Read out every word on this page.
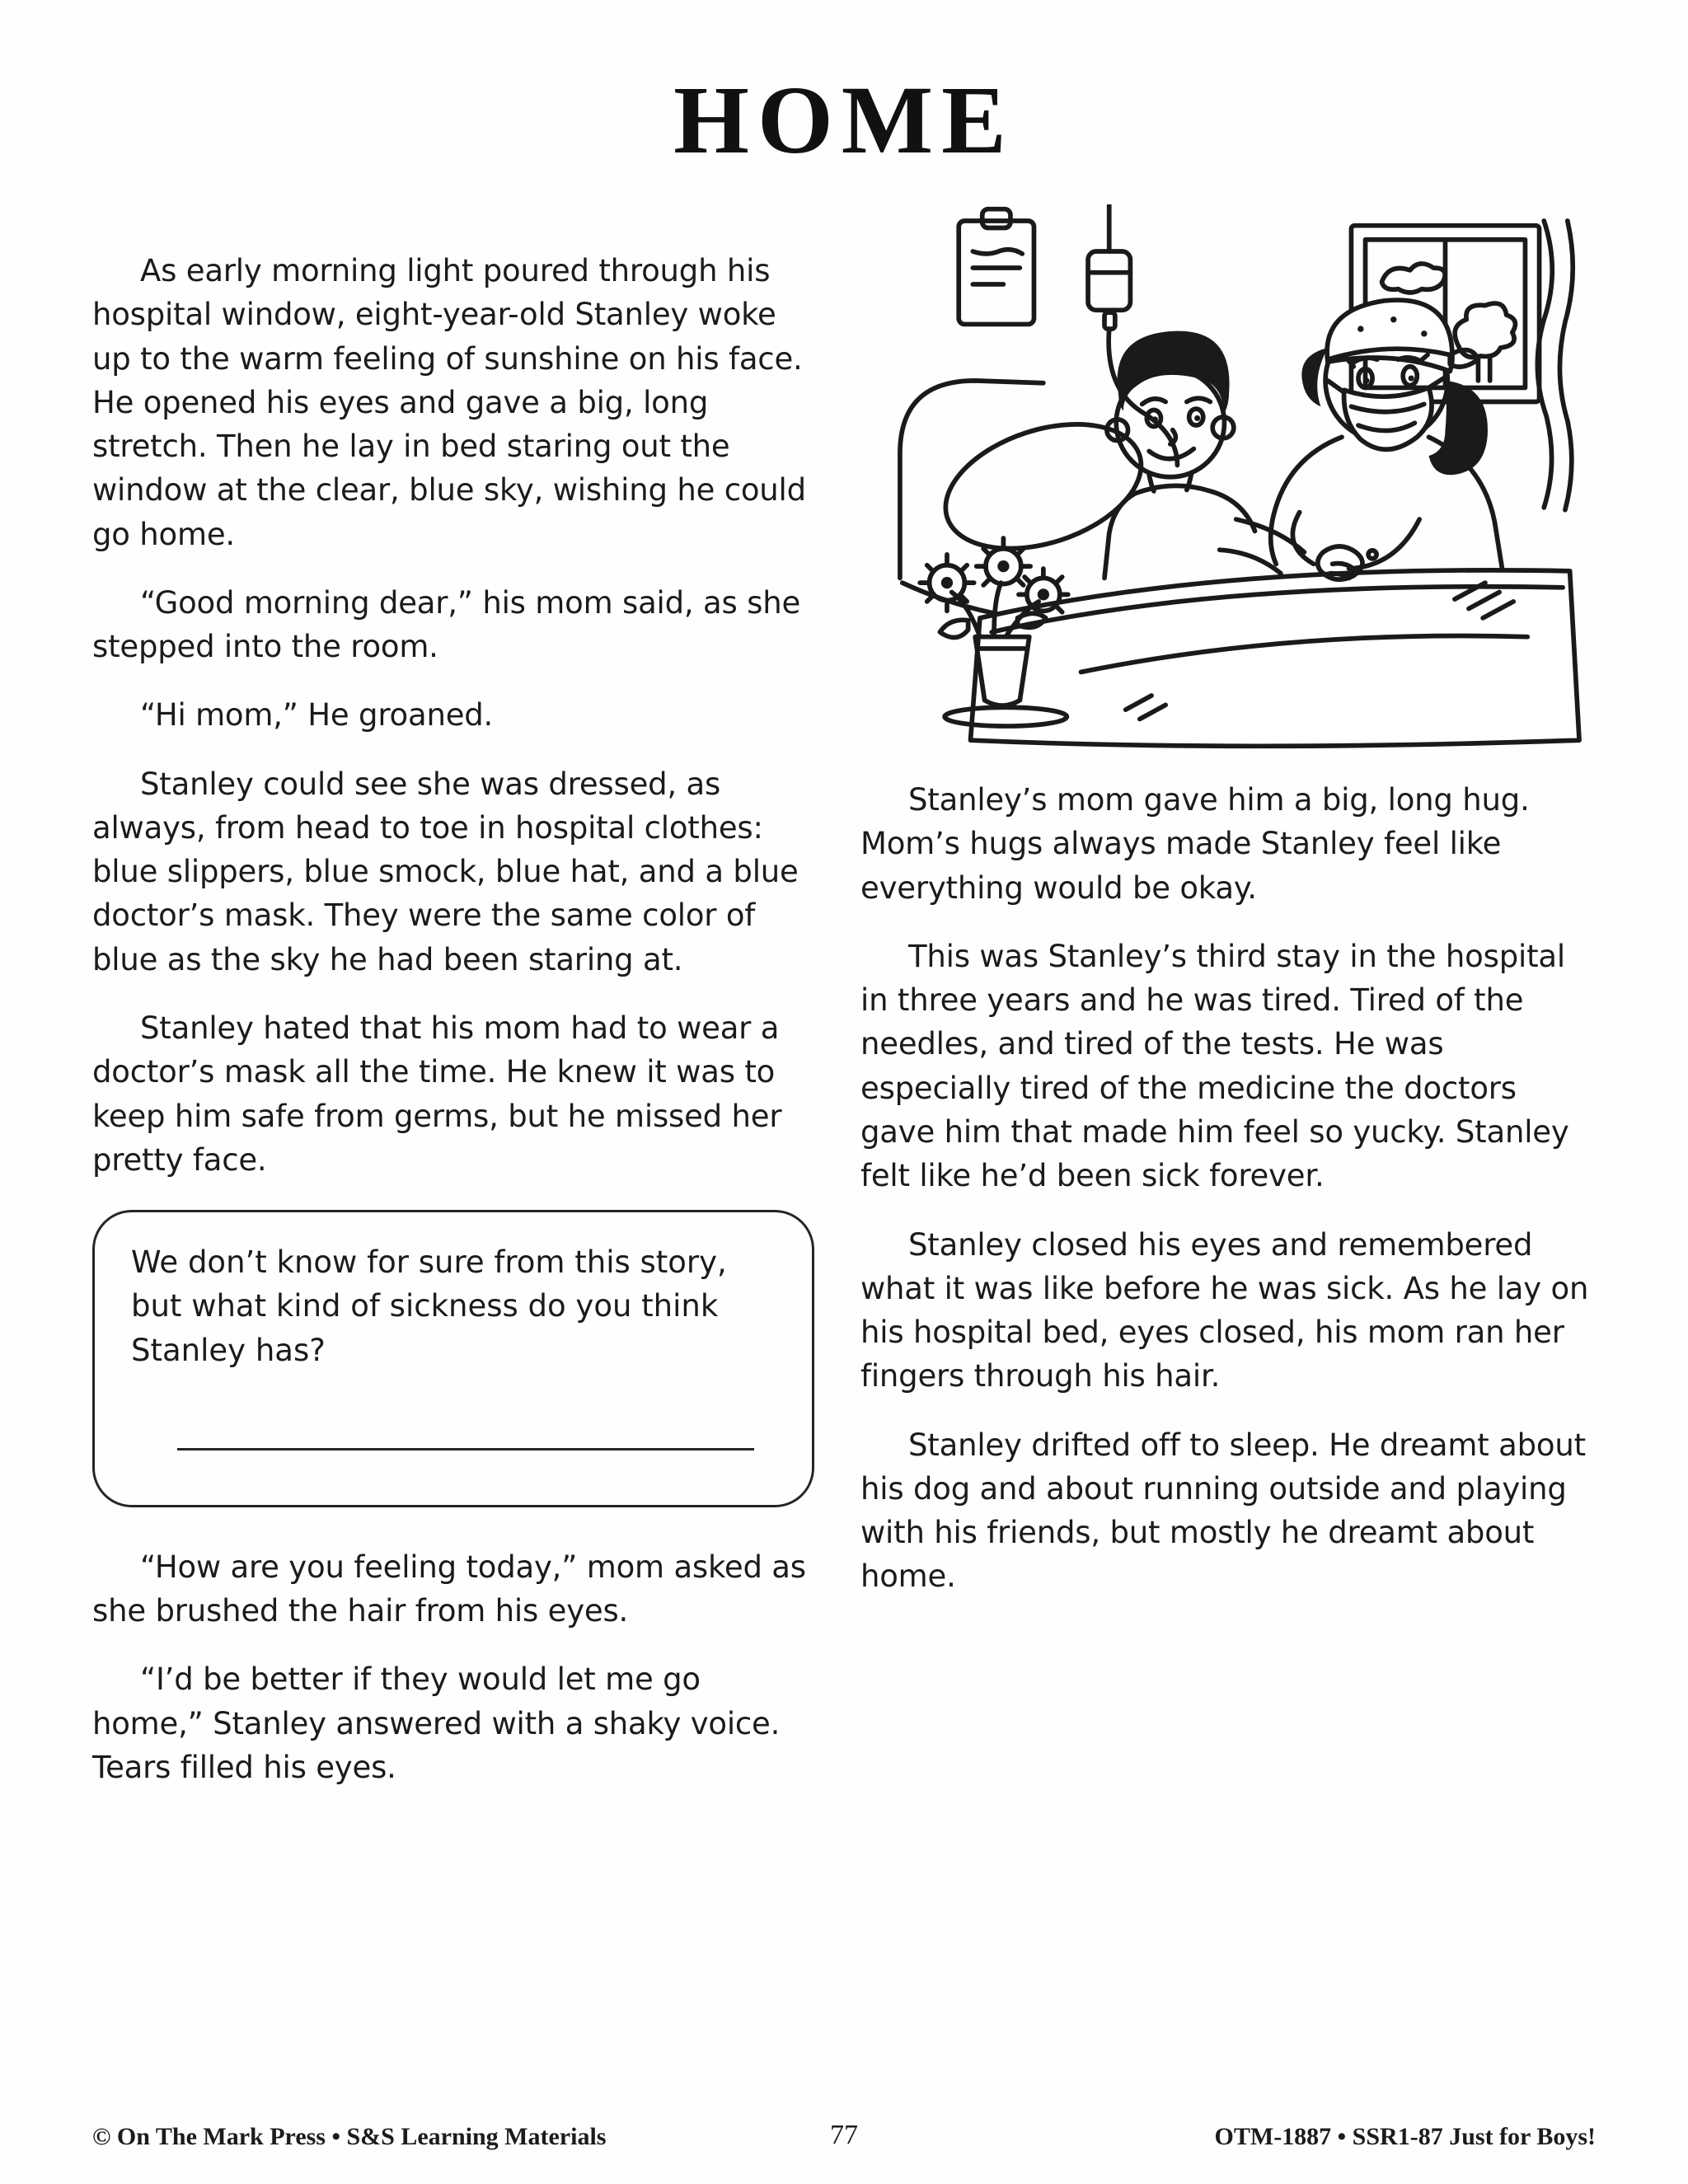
HOME

As early morning light poured through his hospital window, eight-year-old Stanley woke up to the warm feeling of sunshine on his face. He opened his eyes and gave a big, long stretch. Then he lay in bed staring out the window at the clear, blue sky, wishing he could go home.

“Good morning dear,” his mom said, as she stepped into the room.

“Hi mom,” He groaned.

Stanley could see she was dressed, as always, from head to toe in hospital clothes: blue slippers, blue smock, blue hat, and a blue doctor’s mask. They were the same color of blue as the sky he had been staring at.

Stanley hated that his mom had to wear a doctor’s mask all the time. He knew it was to keep him safe from germs, but he missed her pretty face.

We don’t know for sure from this story, but what kind of sickness do you think Stanley has?

“How are you feeling today,” mom asked as she brushed the hair from his eyes.

“I’d be better if they would let me go home,” Stanley answered with a shaky voice. Tears filled his eyes.

Stanley’s mom gave him a big, long hug. Mom’s hugs always made Stanley feel like everything would be okay.

This was Stanley’s third stay in the hospital in three years and he was tired. Tired of the needles, and tired of the tests. He was especially tired of the medicine the doctors gave him that made him feel so yucky. Stanley felt like he’d been sick forever.

Stanley closed his eyes and remembered what it was like before he was sick. As he lay on his hospital bed, eyes closed, his mom ran her fingers through his hair.

Stanley drifted off to sleep. He dreamt about his dog and about running outside and playing with his friends, but mostly he dreamt about home.

© On The Mark Press • S&S Learning Materials	77	OTM-1887 • SSR1-87 Just for Boys!
